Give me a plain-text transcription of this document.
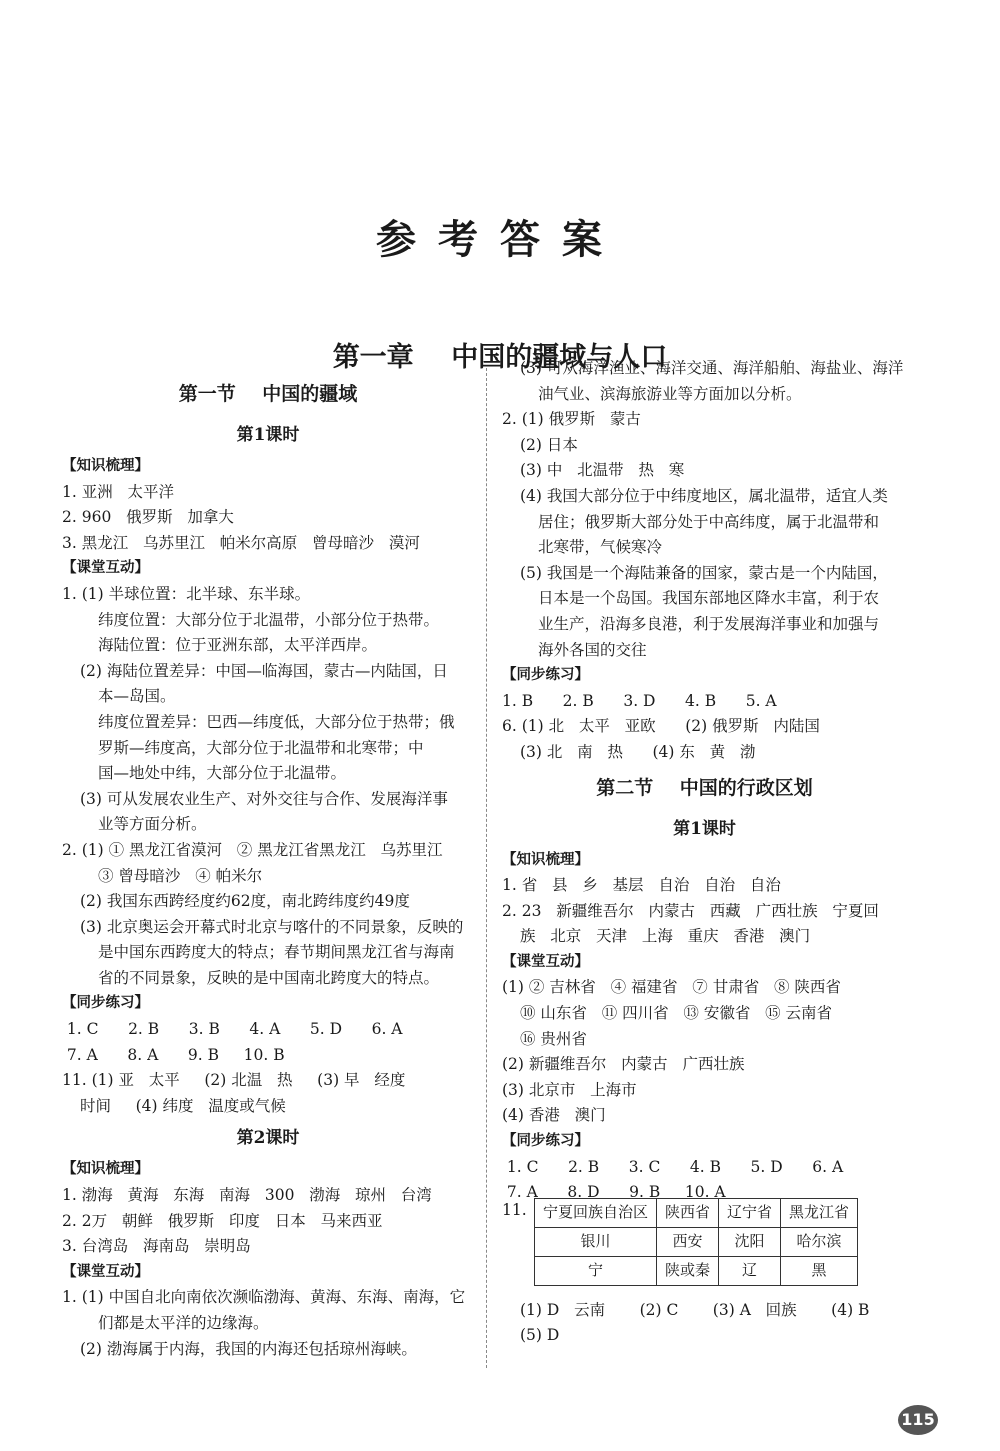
参考答案
第一章    中国的疆域与人口
第一节    中国的疆域
第1课时
【知识梳理】
1. 亚洲   太平洋
2. 960   俄罗斯   加拿大
3. 黑龙江   乌苏里江   帕米尔高原   曾母暗沙   漠河
【课堂互动】
1. (1) 半球位置：北半球、东半球。
纬度位置：大部分位于北温带，小部分位于热带。
海陆位置：位于亚洲东部，太平洋西岸。
(2) 海陆位置差异：中国—临海国，蒙古—内陆国，日
本—岛国。
纬度位置差异：巴西—纬度低，大部分位于热带；俄
罗斯—纬度高，大部分位于北温带和北寒带；中
国—地处中纬，大部分位于北温带。
(3) 可从发展农业生产、对外交往与合作、发展海洋事
业等方面分析。
2. (1) ① 黑龙江省漠河   ② 黑龙江省黑龙江   乌苏里江
③ 曾母暗沙   ④ 帕米尔
(2) 我国东西跨经度约62度，南北跨纬度约49度
(3) 北京奥运会开幕式时北京与喀什的不同景象，反映的
是中国东西跨度大的特点；春节期间黑龙江省与海南
省的不同景象，反映的是中国南北跨度大的特点。
【同步练习】
1. C      2. B      3. B      4. A      5. D      6. A
7. A      8. A      9. B     10. B
11. (1) 亚   太平     (2) 北温   热     (3) 早   经度
时间     (4) 纬度   温度或气候
第2课时
【知识梳理】
1. 渤海   黄海   东海   南海   300   渤海   琼州   台湾
2. 2万   朝鲜   俄罗斯   印度   日本   马来西亚
3. 台湾岛   海南岛   崇明岛
【课堂互动】
1. (1) 中国自北向南依次濒临渤海、黄海、东海、南海，它
们都是太平洋的边缘海。
(2) 渤海属于内海，我国的内海还包括琼州海峡。
(3) 可从海洋渔业、海洋交通、海洋船舶、海盐业、海洋
油气业、滨海旅游业等方面加以分析。
2. (1) 俄罗斯   蒙古
(2) 日本
(3) 中   北温带   热   寒
(4) 我国大部分位于中纬度地区，属北温带，适宜人类
居住；俄罗斯大部分处于中高纬度，属于北温带和
北寒带，气候寒冷
(5) 我国是一个海陆兼备的国家，蒙古是一个内陆国，
日本是一个岛国。我国东部地区降水丰富，利于农
业生产，沿海多良港，利于发展海洋事业和加强与
海外各国的交往
【同步练习】
1. B      2. B      3. D      4. B      5. A
6. (1) 北   太平   亚欧      (2) 俄罗斯   内陆国
(3) 北   南   热      (4) 东   黄   渤
第二节    中国的行政区划
第1课时
【知识梳理】
1. 省   县   乡   基层   自治   自治   自治
2. 23   新疆维吾尔   内蒙古   西藏   广西壮族   宁夏回
族   北京   天津   上海   重庆   香港   澳门
【课堂互动】
(1) ② 吉林省   ④ 福建省   ⑦ 甘肃省   ⑧ 陕西省
⑩ 山东省   ⑪ 四川省   ⑬ 安徽省   ⑮ 云南省
⑯ 贵州省
(2) 新疆维吾尔   内蒙古   广西壮族
(3) 北京市   上海市
(4) 香港   澳门
【同步练习】
1. C      2. B      3. C      4. B      5. D      6. A
7. A      8. D      9. B     10. A
11. 宁夏回族自治区	陕西省	辽宁省	黑龙江省
银川	西安	沈阳	哈尔滨
宁	陕或秦	辽	黑
(1) D   云南       (2) C       (3) A   回族       (4) B
(5) D
115
